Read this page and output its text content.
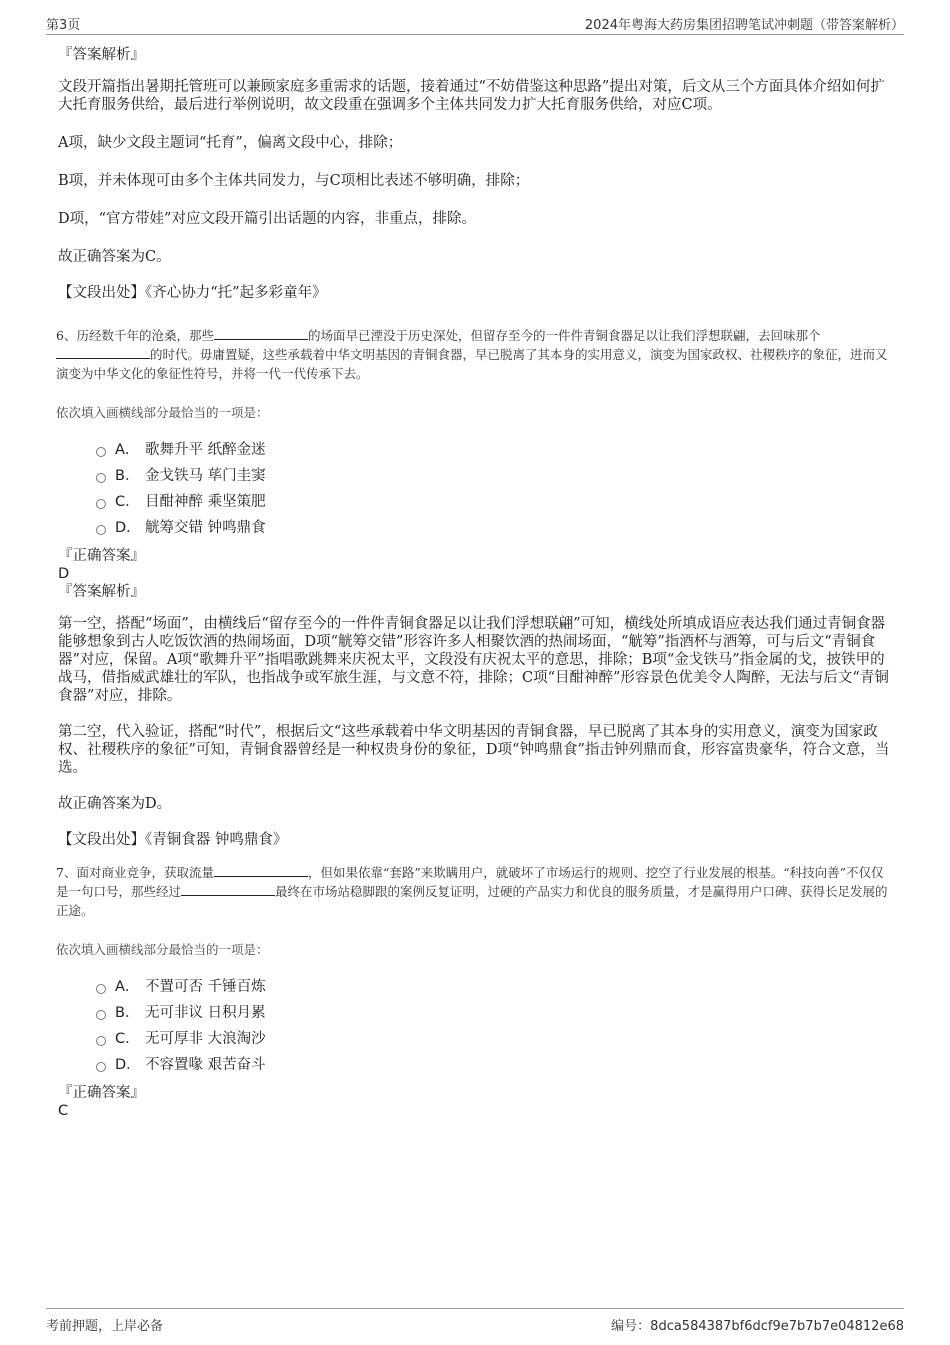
第3页	2024年粤海大药房集团招聘笔试冲刺题（带答案解析）
『答案解析』

文段开篇指出暑期托管班可以兼顾家庭多重需求的话题，接着通过“不妨借鉴这种思路”提出对策，后文从三个方面具体介绍如何扩大托育服务供给，最后进行举例说明，故文段重在强调多个主体共同发力扩大托育服务供给，对应C项。

A项，缺少文段主题词“托育”，偏离文段中心，排除；

B项，并未体现可由多个主体共同发力，与C项相比表述不够明确，排除；

D项，“官方带娃”对应文段开篇引出话题的内容，非重点，排除。

故正确答案为C。

【文段出处】《齐心协力“托”起多彩童年》

6、历经数千年的沧桑，那些	的场面早已湮没于历史深处，但留存至今的一件件青铜食器足以让我们浮想联翩，去回味那个的时代。毋庸置疑，这些承载着中华文明基因的青铜食器，早已脱离了其本身的实用意义，演变为国家政权、社稷秩序的象征，进而又演变为中华文化的象征性符号，并将一代一代传承下去。

依次填入画横线部分最恰当的一项是：

A． 歌舞升平 纸醉金迷
B． 金戈铁马 荜门圭窦
C． 目酣神醉 乘坚策肥
D． 觥筹交错 钟鸣鼎食
『正确答案』
D
『答案解析』

第一空，搭配“场面”，由横线后“留存至今的一件件青铜食器足以让我们浮想联翩”可知，横线处所填成语应表达我们通过青铜食器能够想象到古人吃饭饮酒的热闹场面，D项“觥筹交错”形容许多人相聚饮酒的热闹场面，“觥筹”指酒杯与酒筹，可与后文“青铜食器”对应，保留。A项“歌舞升平”指唱歌跳舞来庆祝太平，文段没有庆祝太平的意思，排除；B项“金戈铁马”指金属的戈，披铁甲的战马，借指威武雄壮的军队，也指战争或军旅生涯，与文意不符，排除；C项“目酣神醉”形容景色优美令人陶醉，无法与后文“青铜食器”对应，排除。

第二空，代入验证，搭配“时代”，根据后文“这些承载着中华文明基因的青铜食器，早已脱离了其本身的实用意义，演变为国家政权、社稷秩序的象征”可知，青铜食器曾经是一种权贵身份的象征，D项“钟鸣鼎食”指击钟列鼎而食，形容富贵豪华，符合文意，当选。

故正确答案为D。

【文段出处】《青铜食器 钟鸣鼎食》

7、面对商业竞争，获取流量	，但如果依靠“套路”来欺瞒用户，就破坏了市场运行的规则、挖空了行业发展的根基。“科技向善”不仅仅是一句口号，那些经过	最终在市场站稳脚跟的案例反复证明，过硬的产品实力和优良的服务质量，才是赢得用户口碑、获得长足发展的正途。

依次填入画横线部分最恰当的一项是：

A． 不置可否 千锤百炼
B． 无可非议 日积月累
C． 无可厚非 大浪淘沙
D． 不容置喙 艰苦奋斗
『正确答案』
C
考前押题，上岸必备	编号：8dca584387bf6dcf9e7b7b7e04812e68
